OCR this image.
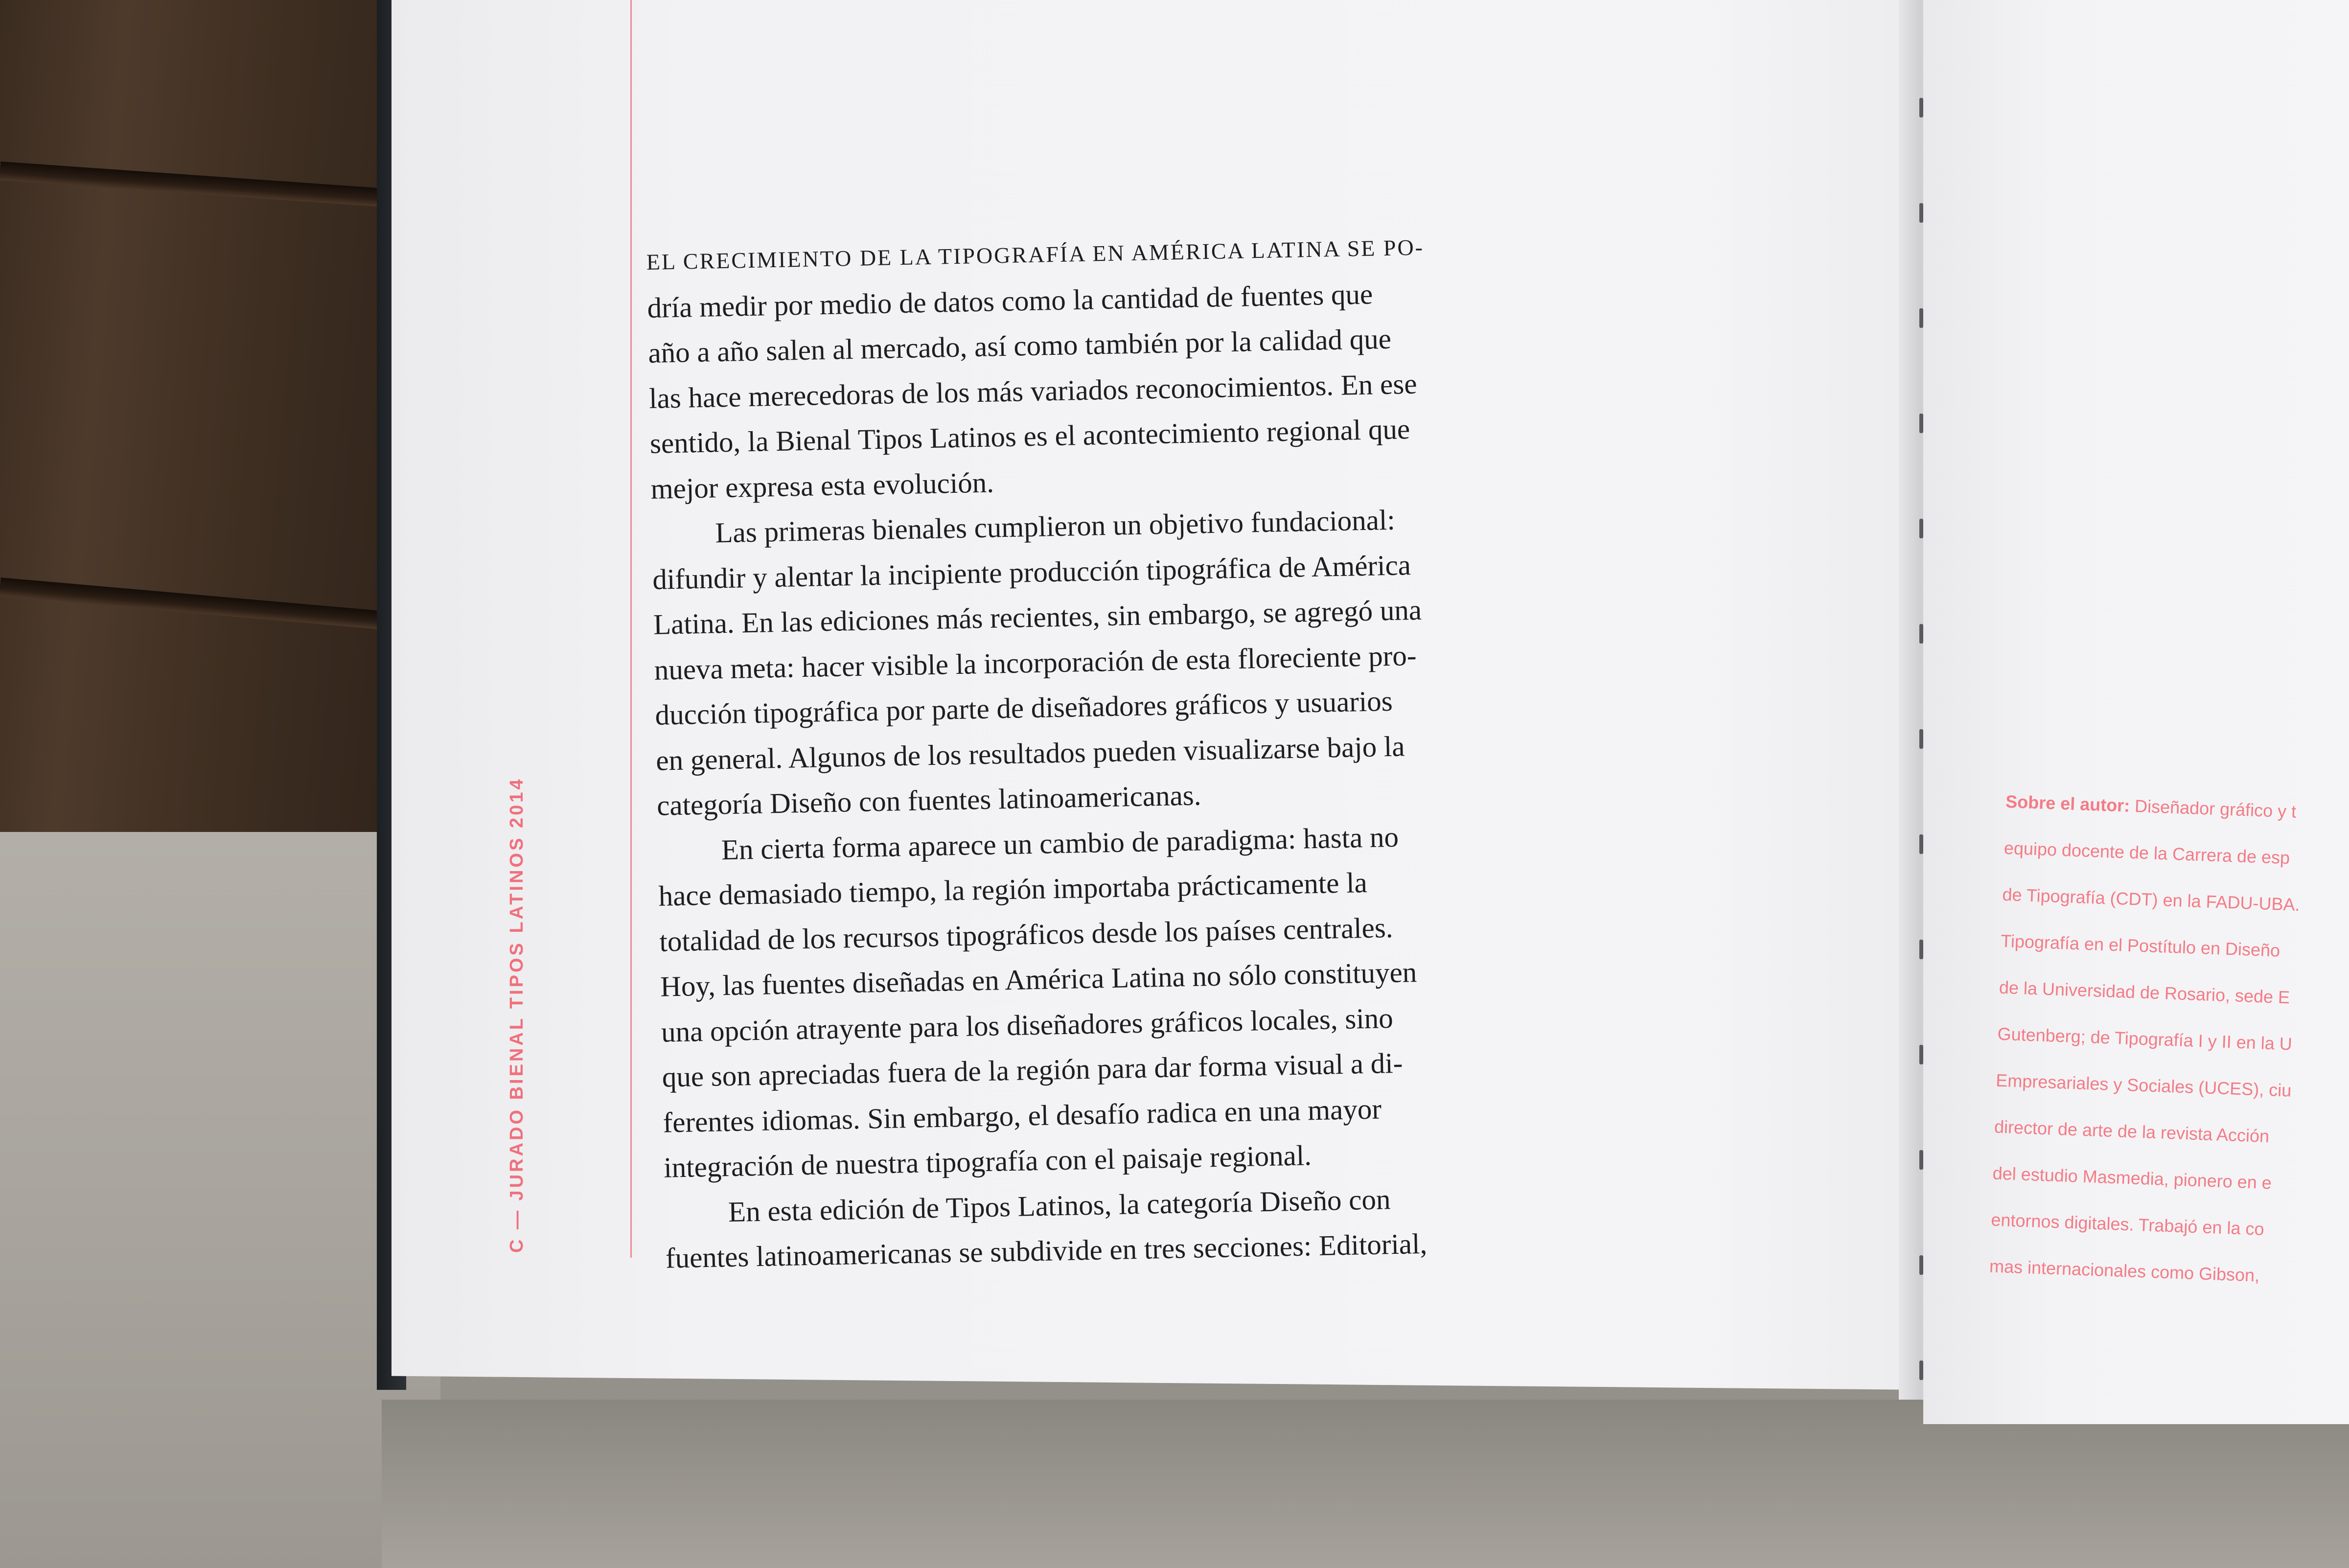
C — JURADO BIENAL TIPOS LATINOS 2014
EL CRECIMIENTO DE LA TIPOGRAFÍA EN AMÉRICA LATINA SE PO-
dría medir por medio de datos como la cantidad de fuentes que
año a año salen al mercado, así como también por la calidad que
las hace merecedoras de los más variados reconocimientos. En ese
sentido, la Bienal Tipos Latinos es el acontecimiento regional que
mejor expresa esta evolución.
Las primeras bienales cumplieron un objetivo fundacional:
difundir y alentar la incipiente producción tipográfica de América
Latina. En las ediciones más recientes, sin embargo, se agregó una
nueva meta: hacer visible la incorporación de esta floreciente pro-
ducción tipográfica por parte de diseñadores gráficos y usuarios
en general. Algunos de los resultados pueden visualizarse bajo la
categoría Diseño con fuentes latinoamericanas.
En cierta forma aparece un cambio de paradigma: hasta no
hace demasiado tiempo, la región importaba prácticamente la
totalidad de los recursos tipográficos desde los países centrales.
Hoy, las fuentes diseñadas en América Latina no sólo constituyen
una opción atrayente para los diseñadores gráficos locales, sino
que son apreciadas fuera de la región para dar forma visual a di-
ferentes idiomas. Sin embargo, el desafío radica en una mayor
integración de nuestra tipografía con el paisaje regional.
En esta edición de Tipos Latinos, la categoría Diseño con
fuentes latinoamericanas se subdivide en tres secciones: Editorial,
Sobre el autor: Diseñador gráfico y t
equipo docente de la Carrera de esp
de Tipografía (CDT) en la FADU-UBA.
Tipografía en el Postítulo en Diseño
de la Universidad de Rosario, sede E
Gutenberg; de Tipografía I y II en la U
Empresariales y Sociales (UCES), ciu
director de arte de la revista Acción
del estudio Masmedia, pionero en e
entornos digitales. Trabajó en la co
mas internacionales como Gibson,
